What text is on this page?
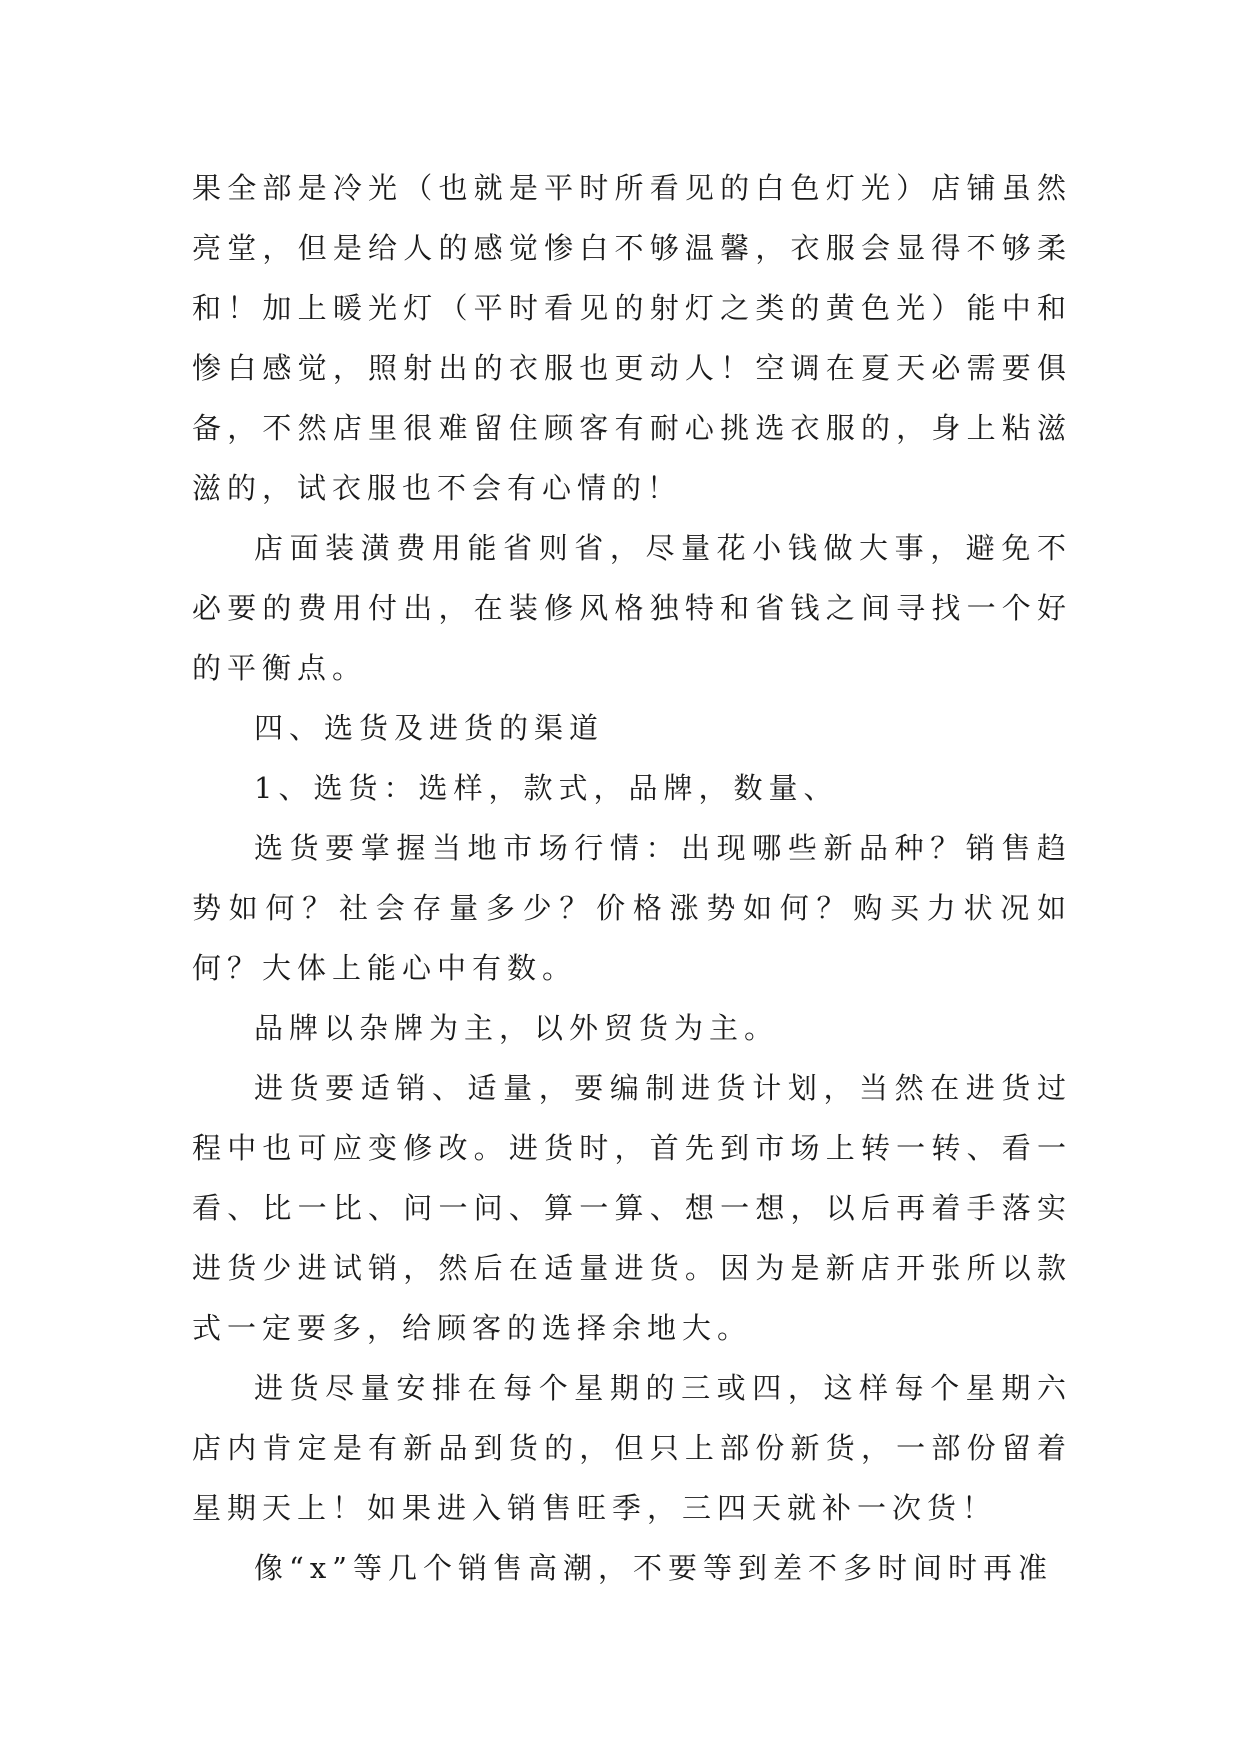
果全部是冷光（也就是平时所看见的白色灯光）店铺虽然亮堂，但是给人的感觉惨白不够温馨，衣服会显得不够柔和！加上暖光灯（平时看见的射灯之类的黄色光）能中和惨白感觉，照射出的衣服也更动人！空调在夏天必需要俱备，不然店里很难留住顾客有耐心挑选衣服的，身上粘滋滋的，试衣服也不会有心情的！

店面装潢费用能省则省，尽量花小钱做大事，避免不必要的费用付出，在装修风格独特和省钱之间寻找一个好的平衡点。

四、选货及进货的渠道

1、选货：选样，款式，品牌，数量、

选货要掌握当地市场行情：出现哪些新品种？销售趋势如何？社会存量多少？价格涨势如何？购买力状况如何？大体上能心中有数。

品牌以杂牌为主，以外贸货为主。

进货要适销、适量，要编制进货计划，当然在进货过程中也可应变修改。进货时，首先到市场上转一转、看一看、比一比、问一问、算一算、想一想，以后再着手落实进货少进试销，然后在适量进货。因为是新店开张所以款式一定要多，给顾客的选择余地大。

进货尽量安排在每个星期的三或四，这样每个星期六店内肯定是有新品到货的，但只上部份新货，一部份留着星期天上！如果进入销售旺季，三四天就补一次货！

像“x”等几个销售高潮，不要等到差不多时间时再准
